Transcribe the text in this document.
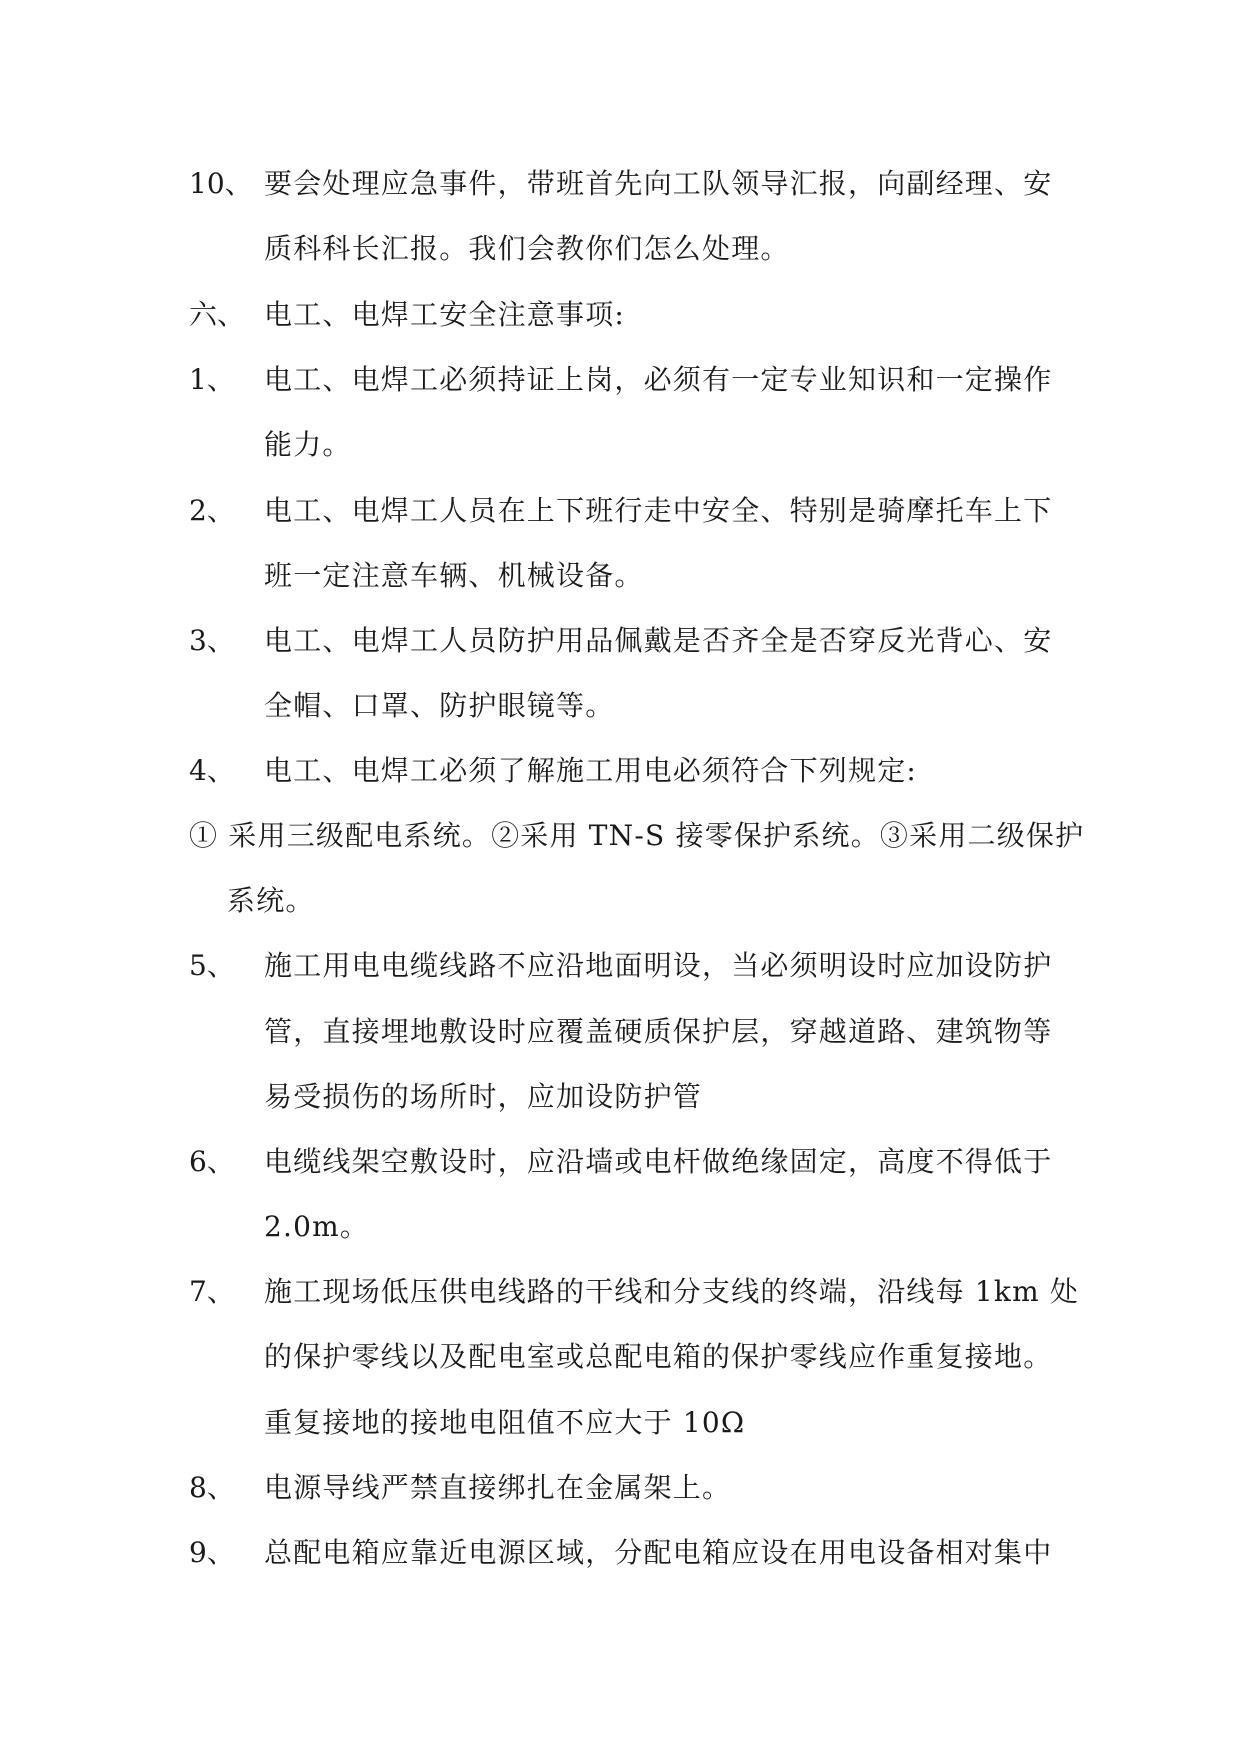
10、 要会处理应急事件，带班首先向工队领导汇报，向副经理、安
质科科长汇报。我们会教你们怎么处理。
六、 电工、电焊工安全注意事项:
1、 电工、电焊工必须持证上岗，必须有一定专业知识和一定操作
能力。
2、 电工、电焊工人员在上下班行走中安全、特别是骑摩托车上下
班一定注意车辆、机械设备。
3、 电工、电焊工人员防护用品佩戴是否齐全是否穿反光背心、安
全帽、口罩、防护眼镜等。
4、 电工、电焊工必须了解施工用电必须符合下列规定:
① 采用三级配电系统。②采用 TN-S 接零保护系统。③采用二级保护
系统。
5、 施工用电电缆线路不应沿地面明设，当必须明设时应加设防护
管，直接埋地敷设时应覆盖硬质保护层，穿越道路、建筑物等
易受损伤的场所时，应加设防护管
6、 电缆线架空敷设时，应沿墙或电杆做绝缘固定，高度不得低于
2.0m。
7、 施工现场低压供电线路的干线和分支线的终端，沿线每 1km 处
的保护零线以及配电室或总配电箱的保护零线应作重复接地。
重复接地的接地电阻值不应大于 10Ω
8、 电源导线严禁直接绑扎在金属架上。
9、 总配电箱应靠近电源区域，分配电箱应设在用电设备相对集中
